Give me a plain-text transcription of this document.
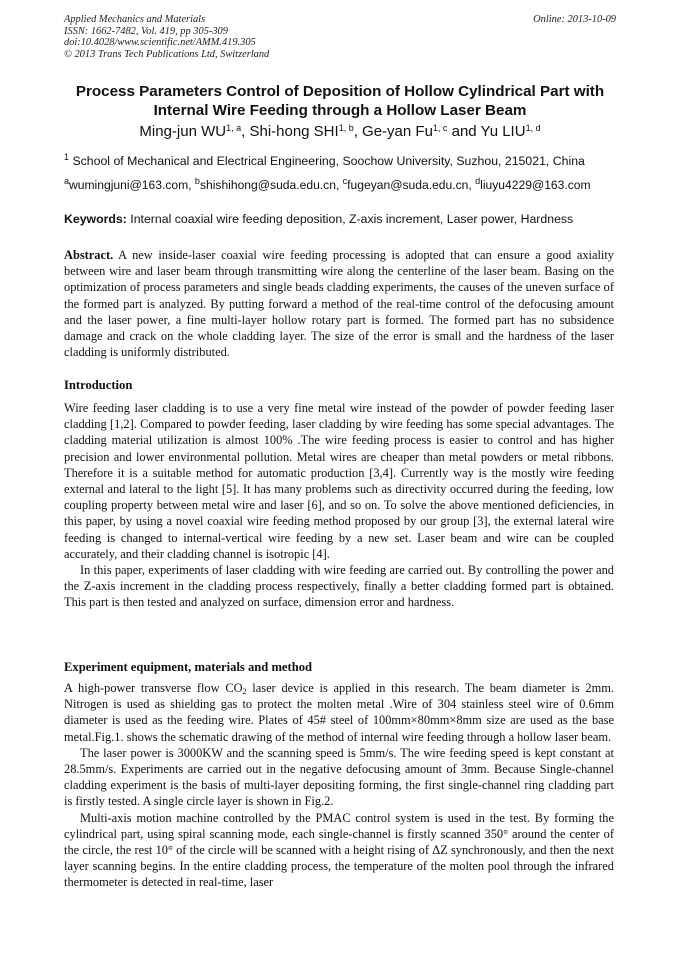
Applied Mechanics and Materials
ISSN: 1662-7482, Vol. 419, pp 305-309
doi:10.4028/www.scientific.net/AMM.419.305
© 2013 Trans Tech Publications Ltd, Switzerland
Online: 2013-10-09
Process Parameters Control of Deposition of Hollow Cylindrical Part with Internal Wire Feeding through a Hollow Laser Beam
Ming-jun WU$^{1, a}$, Shi-hong SHI$^{1, b}$, Ge-yan Fu$^{1, c}$ and Yu LIU$^{1, d}$
$^1$ School of Mechanical and Electrical Engineering, Soochow University, Suzhou, 215021, China
$^a$wumingjuni@163.com, $^b$shishihong@suda.edu.cn, $^c$fugeyan@suda.edu.cn, $^d$liuyu4229@163.com
Keywords: Internal coaxial wire feeding deposition, Z-axis increment, Laser power, Hardness
Abstract. A new inside-laser coaxial wire feeding processing is adopted that can ensure a good axiality between wire and laser beam through transmitting wire along the centerline of the laser beam. Basing on the optimization of process parameters and single beads cladding experiments, the causes of the uneven surface of the formed part is analyzed. By putting forward a method of the real-time control of the defocusing amount and the laser power, a fine multi-layer hollow rotary part is formed. The formed part has no subsidence damage and crack on the whole cladding layer. The size of the error is small and the hardness of the laser cladding is uniformly distributed.
Introduction

Wire feeding laser cladding is to use a very fine metal wire instead of the powder of powder feeding laser cladding [1,2]. Compared to powder feeding, laser cladding by wire feeding has some special advantages. The cladding material utilization is almost 100% .The wire feeding process is easier to control and has higher precision and lower environmental pollution. Metal wires are cheaper than metal powders or metal ribbons. Therefore it is a suitable method for automatic production [3,4]. Currently way is the mostly wire feeding external and lateral to the light [5]. It has many problems such as directivity occurred during the feeding, low coupling property between metal wire and laser [6], and so on. To solve the above mentioned deficiencies, in this paper, by using a novel coaxial wire feeding method proposed by our group [3], the external lateral wire feeding is changed to internal-vertical wire feeding by a new set. Laser beam and wire can be coupled accurately, and their cladding channel is isotropic [4].

In this paper, experiments of laser cladding with wire feeding are carried out. By controlling the power and the Z-axis increment in the cladding process respectively, finally a better cladding formed part is obtained. This part is then tested and analyzed on surface, dimension error and hardness.

Experiment equipment, materials and method

A high-power transverse flow $CO_2$ laser device is applied in this research. The beam diameter is 2mm. Nitrogen is used as shielding gas to protect the molten metal .Wire of 304 stainless steel wire of 0.6mm diameter is used as the feeding wire. Plates of 45# steel of 100mm×80mm×8mm size are used as the base metal.Fig.1. shows the schematic drawing of the method of internal wire feeding through a hollow laser beam.

The laser power is 3000KW and the scanning speed is 5mm/s. The wire feeding speed is kept constant at 28.5mm/s. Experiments are carried out in the negative defocusing amount of 3mm. Because Single-channel cladding experiment is the basis of multi-layer depositing forming, the first single-channel ring cladding part is firstly tested. A single circle layer is shown in Fig.2.

Multi-axis motion machine controlled by the PMAC control system is used in the test. By forming the cylindrical part, using spiral scanning mode, each single-channel is firstly scanned 350° around the center of the circle, the rest 10° of the circle will be scanned with a height rising of ΔZ synchronously, and then the next layer scanning begins. In the entire cladding process, the temperature of the molten pool through the infrared thermometer is detected in real-time, laser
